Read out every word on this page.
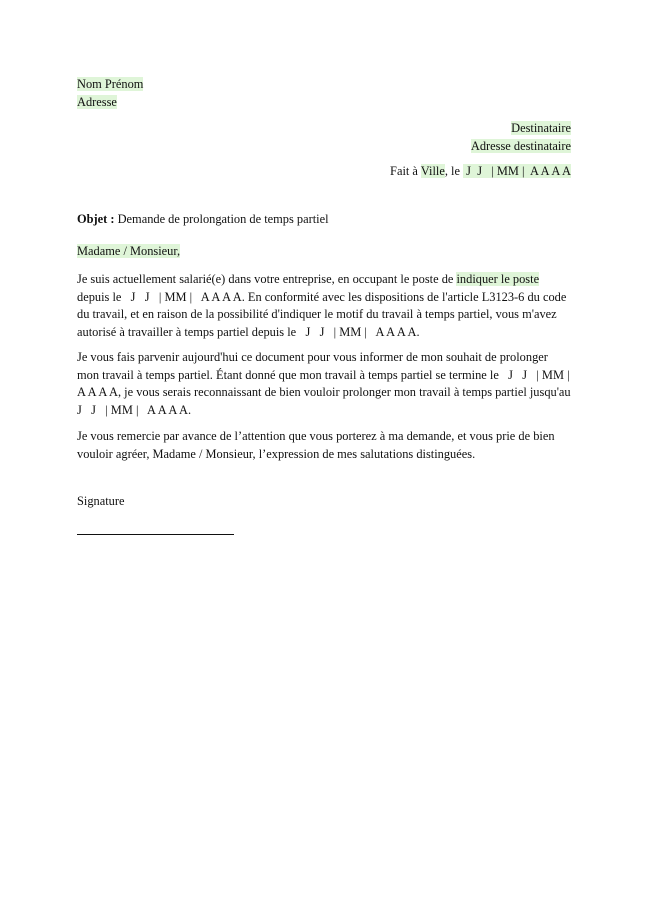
Nom Prénom
Adresse
Destinataire
Adresse destinataire
Fait à Ville, le  J  J   | MM |  A A A A
Objet : Demande de prolongation de temps partiel
Madame / Monsieur,
Je suis actuellement salarié(e) dans votre entreprise, en occupant le poste de indiquer le poste depuis le   J   J   | MM |   A A A A. En conformité avec les dispositions de l'article L3123-6 du code du travail, et en raison de la possibilité d'indiquer le motif du travail à temps partiel, vous m'avez autorisé à travailler à temps partiel depuis le   J   J   | MM |   A A A A.
Je vous fais parvenir aujourd'hui ce document pour vous informer de mon souhait de prolonger mon travail à temps partiel. Étant donné que mon travail à temps partiel se termine le   J   J   | MM |   A A A A, je vous serais reconnaissant de bien vouloir prolonger mon travail à temps partiel jusqu'au   J   J   | MM |   A A A A.
Je vous remercie par avance de l’attention que vous porterez à ma demande, et vous prie de bien vouloir agréer, Madame / Monsieur, l’expression de mes salutations distinguées.
Signature
